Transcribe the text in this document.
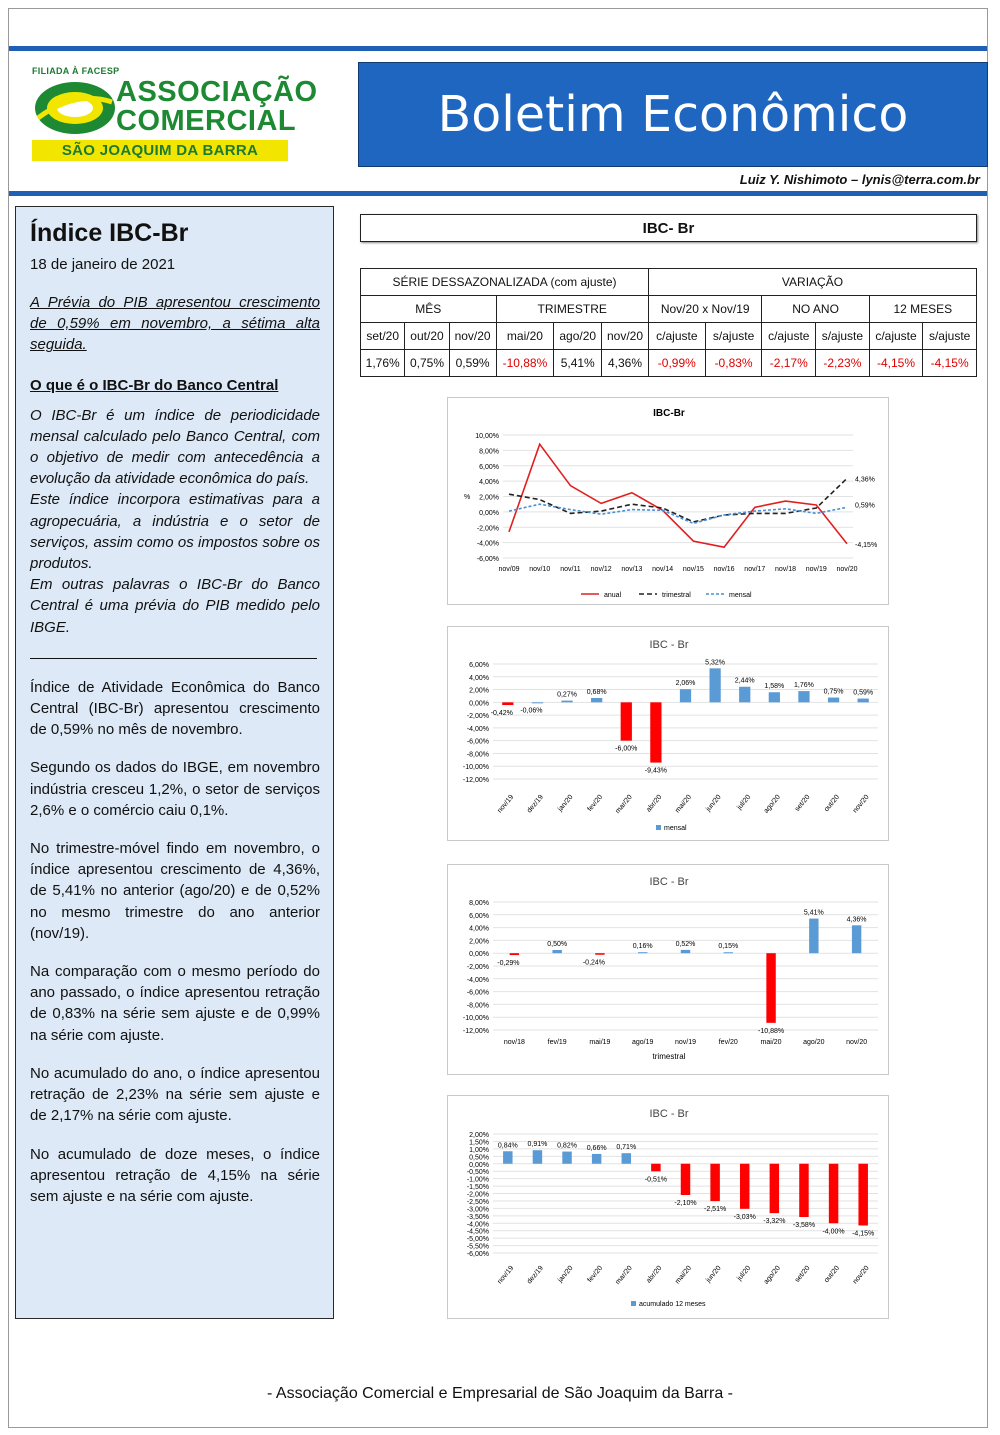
FILIADA À FACESP
ASSOCIAÇÃO
COMERCIAL
SÃO JOAQUIM DA BARRA
Boletim Econômico
Luiz Y. Nishimoto – lynis@terra.com.br
Índice IBC-Br
18 de janeiro de 2021

A Prévia do PIB apresentou crescimento de 0,59% em novembro, a sétima alta seguida.

O que é o IBC-Br do Banco Central

O IBC-Br é um índice de periodicidade mensal calculado pelo Banco Central, com o objetivo de medir com antecedência a evolução da atividade econômica do país.

Este índice incorpora estimativas para a agropecuária, a indústria e o setor de serviços, assim como os impostos sobre os produtos.

Em outras palavras o IBC-Br do Banco Central é uma prévia do PIB medido pelo IBGE.

Índice de Atividade Econômica do Banco Central (IBC-Br) apresentou crescimento de 0,59% no mês de novembro.

Segundo os dados do IBGE, em novembro indústria cresceu 1,2%, o setor de serviços 2,6% e o comércio caiu 0,1%.

No trimestre-móvel findo em novembro, o índice apresentou crescimento de 4,36%, de 5,41% no anterior (ago/20) e de 0,52% no mesmo trimestre do ano anterior (nov/19).

Na comparação com o mesmo período do ano passado, o índice apresentou retração de 0,83% na série sem ajuste e de 0,99% na série com ajuste.

No acumulado do ano, o índice apresentou retração de 2,23% na série sem ajuste e de 2,17% na série com ajuste.

No acumulado de doze meses, o índice apresentou retração de 4,15% na série sem ajuste e na série com ajuste.

IBC- Br
SÉRIE DESSAZONALIZADA (com ajuste)						VARIAÇÃO					
MÊS			TRIMESTRE			Nov/20 x Nov/19		NO ANO		12 MESES	
set/20	out/20	nov/20	mai/20	ago/20	nov/20	c/ajuste	s/ajuste	c/ajuste	s/ajuste	c/ajuste	s/ajuste
1,76%	0,75%	0,59%	-10,88%	5,41%	4,36%	-0,99%	-0,83%	-2,17%	-2,23%	-4,15%	-4,15%
IBC-Br
10,00%
8,00%
6,00%
4,00%
2,00%
0,00%
-2,00%
-4,00%
-6,00%
%
nov/09 nov/10 nov/11 nov/12 nov/13 nov/14 nov/15 nov/16 nov/17 nov/18 nov/19 nov/20
4,36%
0,59%
-4,15%
anual	trimestral	mensal
IBC - Br
6,00%
4,00%
2,00%
0,00%
-2,00%
-4,00%
-6,00%
-8,00%
-10,00%
-12,00%
-0,42%
nov/19
-0,06%
dez/19
0,27%
jan/20
0,68%
fev/20
-6,00%
mar/20
-9,43%
abr/20
2,06%
mai/20
5,32%
jun/20
2,44%
jul/20
1,58%
ago/20
1,76%
set/20
0,75%
out/20
0,59%
nov/20
mensal
IBC - Br
8,00%
6,00%
4,00%
2,00%
0,00%
-2,00%
-4,00%
-6,00%
-8,00%
-10,00%
-12,00%
-0,29%
nov/18
0,50%
fev/19
-0,24%
mai/19
0,16%
ago/19
0,52%
nov/19
0,15%
fev/20
-10,88%
mai/20
5,41%
ago/20
4,36%
nov/20
trimestral
IBC - Br
2,00%
1,50%
1,00%
0,50%
0,00%
-0,50%
-1,00%
-1,50%
-2,00%
-2,50%
-3,00%
-3,50%
-4,00%
-4,50%
-5,00%
-5,50%
-6,00%
0,84%
nov/19
0,91%
dez/19
0,82%
jan/20
0,66%
fev/20
0,71%
mar/20
-0,51%
abr/20
-2,10%
mai/20
-2,51%
jun/20
-3,03%
jul/20
-3,32%
ago/20
-3,58%
set/20
-4,00%
out/20
-4,15%
nov/20
acumulado 12 meses
- Associação Comercial e Empresarial de São Joaquim da Barra -
